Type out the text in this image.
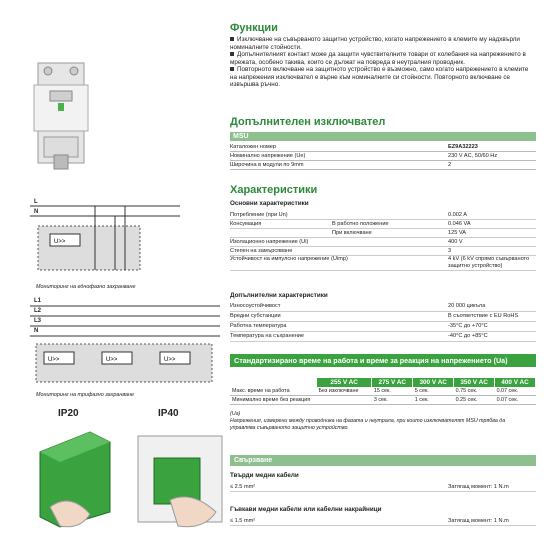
U>>
L
N
Мониторинг на еднофазно захранване
U>>	U>>	U>>
L1
L2
L3
N
Мониторинг на трифазно захранване
IP20	IP40
Функции
Изключване на съвърваното защитно устройство, когато напрежението в клемите му надхвърли номиналните стойности.
Допълнителният контакт може да защити чувствителните товари от колебания на напрежението в мрежата, особено такива, които се дължат на повреда в неутралния проводник.
Повторното включване на защитното устройство е възможно, само когато напрежението в клемите на напрежения изключвател е върне към номиналните си стойности. Повторното включване се извършва ръчно.
Допълнителен изключвател
MSU
Каталожен номер	EZ9A32223
Номинално напрежение (Ue)	230 V AC, 50/60 Hz
Широчина в модули по 9mm	2
Характеристики
Основни характеристики
Потребление (при Un)	0.002 A
Консумация	В работно положение	0.046 VA
При включване	125 VA
Изолационно напрежение (Ui)	400 V
Степен на замърсяване	3
Устойчивост на импулсно напрежение (Uimp)	4 kV (6 kV спрямо съвърваното защитно устройство)
Допълнителни характеристики
Износоустойчивост	20 000 цикъла
Вредни субстанции	В съответствие с EU RoHS
Работна температура	-35°C до +70°C
Температура на съхранение	-40°C до +85°C
Стандартизирано време на работа и време за реакция на напрежението (Ua)
	255 V AC	275 V AC	300 V AC	350 V AC	400 V AC
Макс. време на работа	Без изключване	15 сек.	5 сек.	0.75 сек.	0.07 сек.
Минимално време без реакция		3 сек.	1 сек.	0.25 сек.	0.07 сек.
(Ua)
Напрежения, измерени между проводника на фазата и неутрала, при които изключвателят MSU трябва да управлява съвърваното защитно устройство.
Свързване
Твърди медни кабели
≤ 2.5 mm²	Затягащ момент: 1 N.m
Гъвкави медни кабели или кабелни накрайници
≤ 1.5 mm²	Затягащ момент: 1 N.m
